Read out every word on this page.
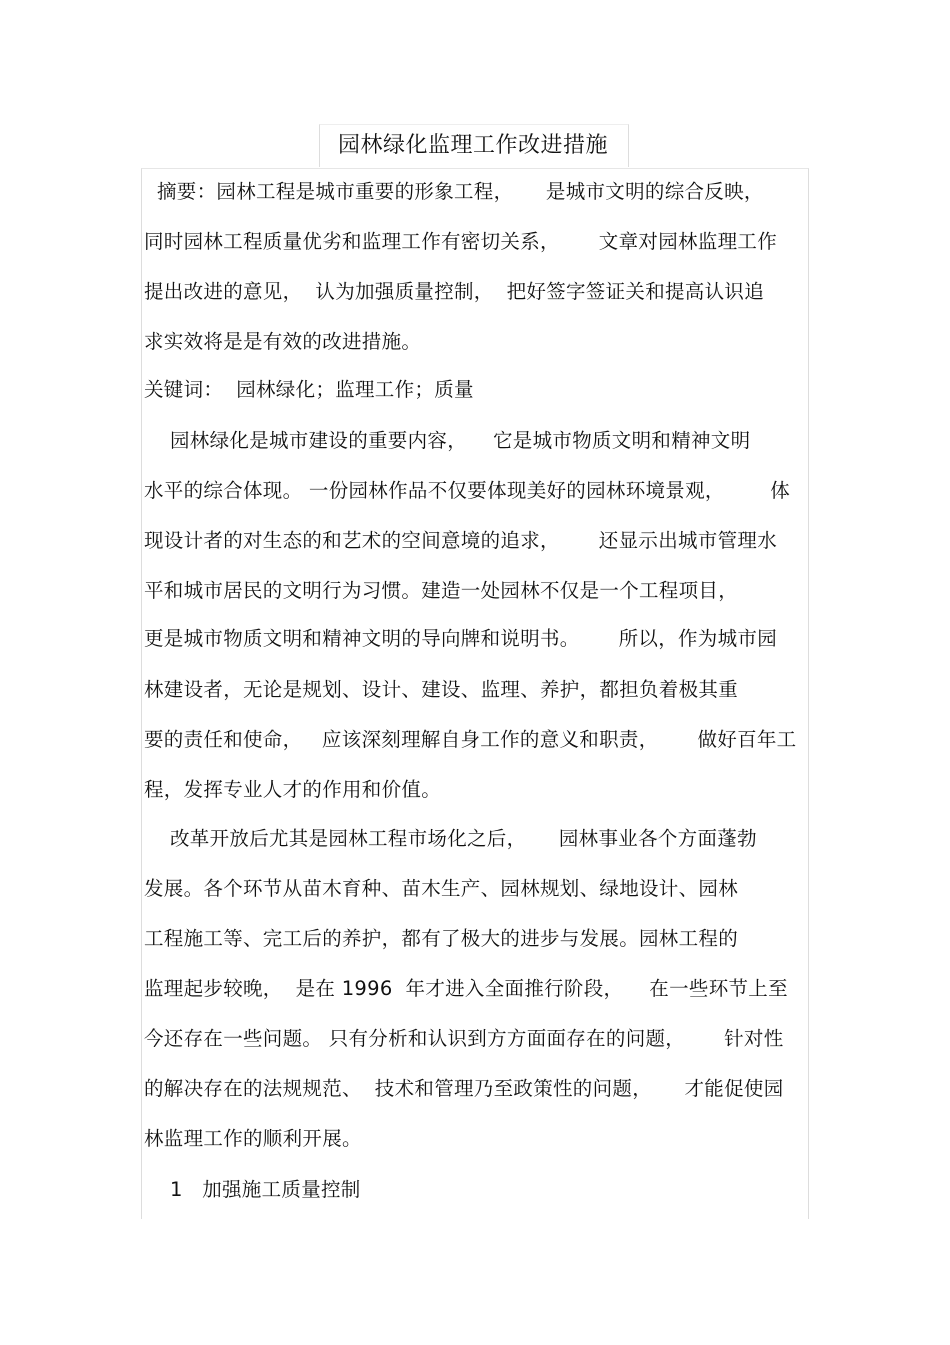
园林绿化监理工作改进措施
摘要：园林工程是城市重要的形象工程，     是城市文明的综合反映，
同时园林工程质量优劣和监理工作有密切关系，      文章对园林监理工作
提出改进的意见，  认为加强质量控制，  把好签字签证关和提高认识追
求实效将是是有效的改进措施。
关键词：  园林绿化；监理工作；质量
园林绿化是城市建设的重要内容，    它是城市物质文明和精神文明
水平的综合体现。 一份园林作品不仅要体现美好的园林环境景观，       体
现设计者的对生态的和艺术的空间意境的追求，      还显示出城市管理水
平和城市居民的文明行为习惯。建造一处园林不仅是一个工程项目，
更是城市物质文明和精神文明的导向牌和说明书。      所以，作为城市园
林建设者，无论是规划、设计、建设、监理、养护，都担负着极其重
要的责任和使命，   应该深刻理解自身工作的意义和职责，      做好百年工
程，发挥专业人才的作用和价值。
改革开放后尤其是园林工程市场化之后，     园林事业各个方面蓬勃
发展。各个环节从苗木育种、苗木生产、园林规划、绿地设计、园林
工程施工等、完工后的养护，都有了极大的进步与发展。园林工程的
监理起步较晚，  是在 1996  年才进入全面推行阶段，    在一些环节上至
今还存在一些问题。 只有分析和认识到方方面面存在的问题，      针对性
的解决存在的法规规范、  技术和管理乃至政策性的问题，     才能促使园
林监理工作的顺利开展。
1   加强施工质量控制
